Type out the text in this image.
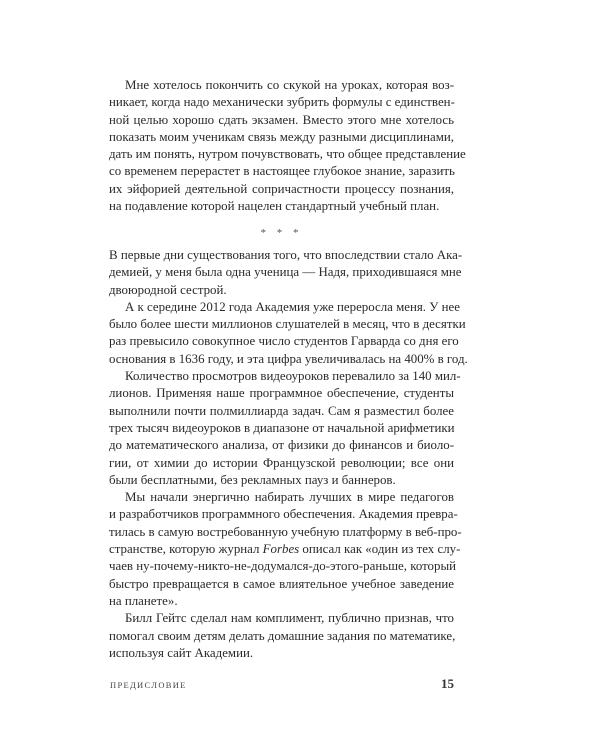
Мне хотелось покончить со скукой на уроках, которая воз-
никает, когда надо механически зубрить формулы с единствен-
ной целью хорошо сдать экзамен. Вместо этого мне хотелось
показать моим ученикам связь между разными дисциплинами,
дать им понять, нутром почувствовать, что общее представление
со временем перерастет в настоящее глубокое знание, заразить
их эйфорией деятельной сопричастности процессу познания,
на подавление которой нацелен стандартный учебный план.
* * *
В первые дни существования того, что впоследствии стало Ака-
демией, у меня была одна ученица — Надя, приходившаяся мне
двоюродной сестрой.
А к середине 2012 года Академия уже переросла меня. У нее
было более шести миллионов слушателей в месяц, что в десятки
раз превысило совокупное число студентов Гарварда со дня его
основания в 1636 году, и эта цифра увеличивалась на 400% в год.
Количество просмотров видеоуроков перевалило за 140 мил-
лионов. Применяя наше программное обеспечение, студенты
выполнили почти полмиллиарда задач. Сам я разместил более
трех тысяч видеоуроков в диапазоне от начальной арифметики
до математического анализа, от физики до финансов и биоло-
гии, от химии до истории Французской революции; все они
были бесплатными, без рекламных пауз и баннеров.
Мы начали энергично набирать лучших в мире педагогов
и разработчиков программного обеспечения. Академия превра-
тилась в самую востребованную учебную платформу в веб-про-
странстве, которую журнал Forbes описал как «один из тех слу-
чаев ну-почему-никто-не-додумался-до-этого-раньше, который
быстро превращается в самое влиятельное учебное заведение
на планете».
Билл Гейтс сделал нам комплимент, публично признав, что
помогал своим детям делать домашние задания по математике,
используя сайт Академии.
ПРЕДИСЛОВИЕ	15
